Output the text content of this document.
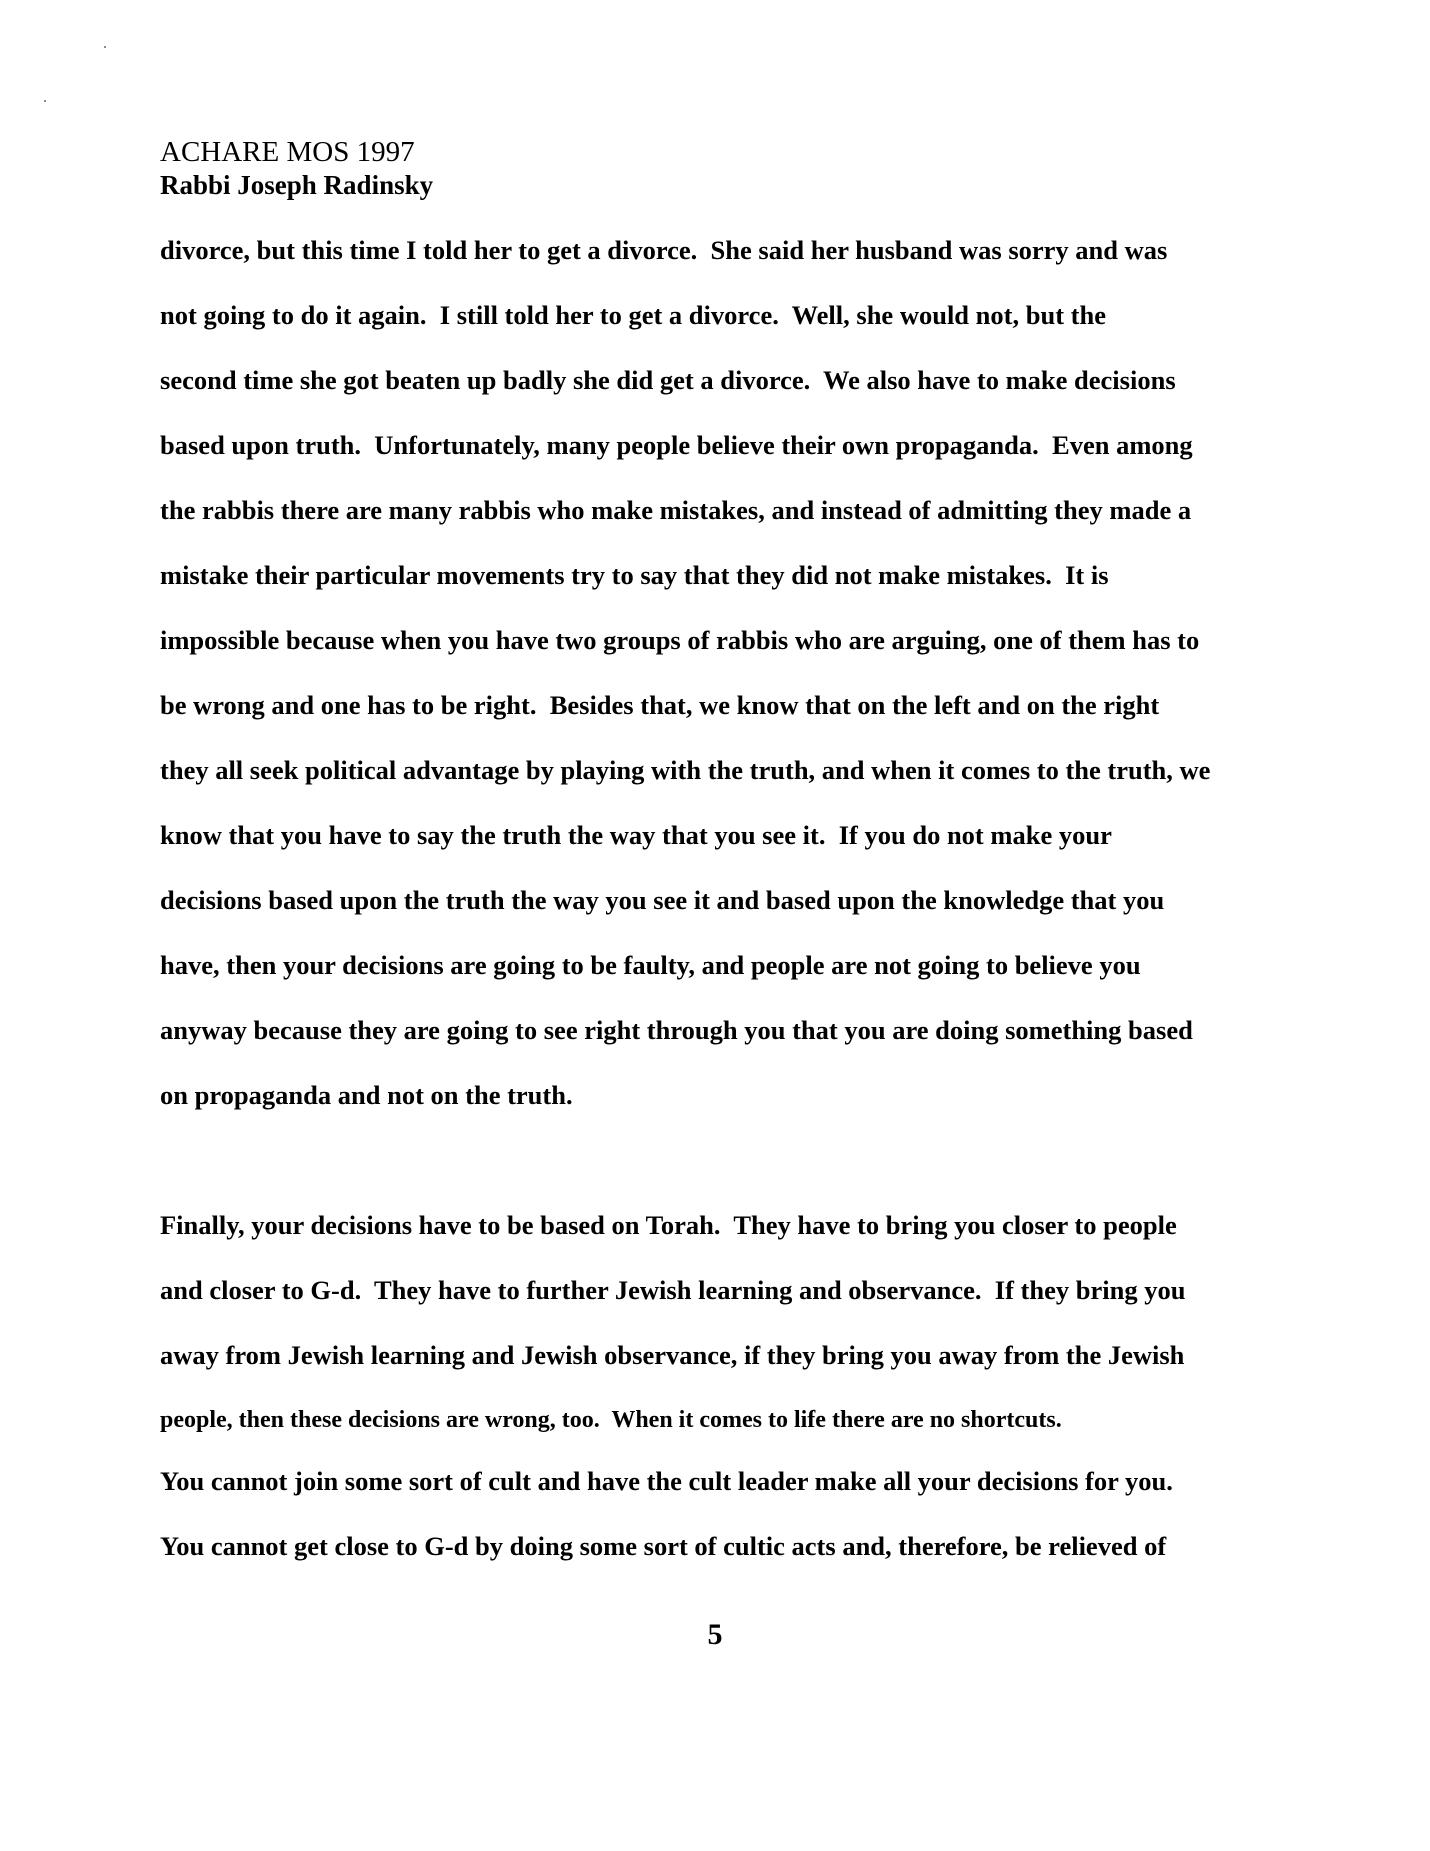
ACHARE MOS 1997
Rabbi Joseph Radinsky
divorce, but this time I told her to get a divorce.  She said her husband was sorry and was
not going to do it again.  I still told her to get a divorce.  Well, she would not, but the
second time she got beaten up badly she did get a divorce.  We also have to make decisions
based upon truth.  Unfortunately, many people believe their own propaganda.  Even among
the rabbis there are many rabbis who make mistakes, and instead of admitting they made a
mistake their particular movements try to say that they did not make mistakes.  It is
impossible because when you have two groups of rabbis who are arguing, one of them has to
be wrong and one has to be right.  Besides that, we know that on the left and on the right
they all seek political advantage by playing with the truth, and when it comes to the truth, we
know that you have to say the truth the way that you see it.  If you do not make your
decisions based upon the truth the way you see it and based upon the knowledge that you
have, then your decisions are going to be faulty, and people are not going to believe you
anyway because they are going to see right through you that you are doing something based
on propaganda and not on the truth.
Finally, your decisions have to be based on Torah.  They have to bring you closer to people
and closer to G-d.  They have to further Jewish learning and observance.  If they bring you
away from Jewish learning and Jewish observance, if they bring you away from the Jewish
people, then these decisions are wrong, too.  When it comes to life there are no shortcuts.
You cannot join some sort of cult and have the cult leader make all your decisions for you.
You cannot get close to G-d by doing some sort of cultic acts and, therefore, be relieved of
5
